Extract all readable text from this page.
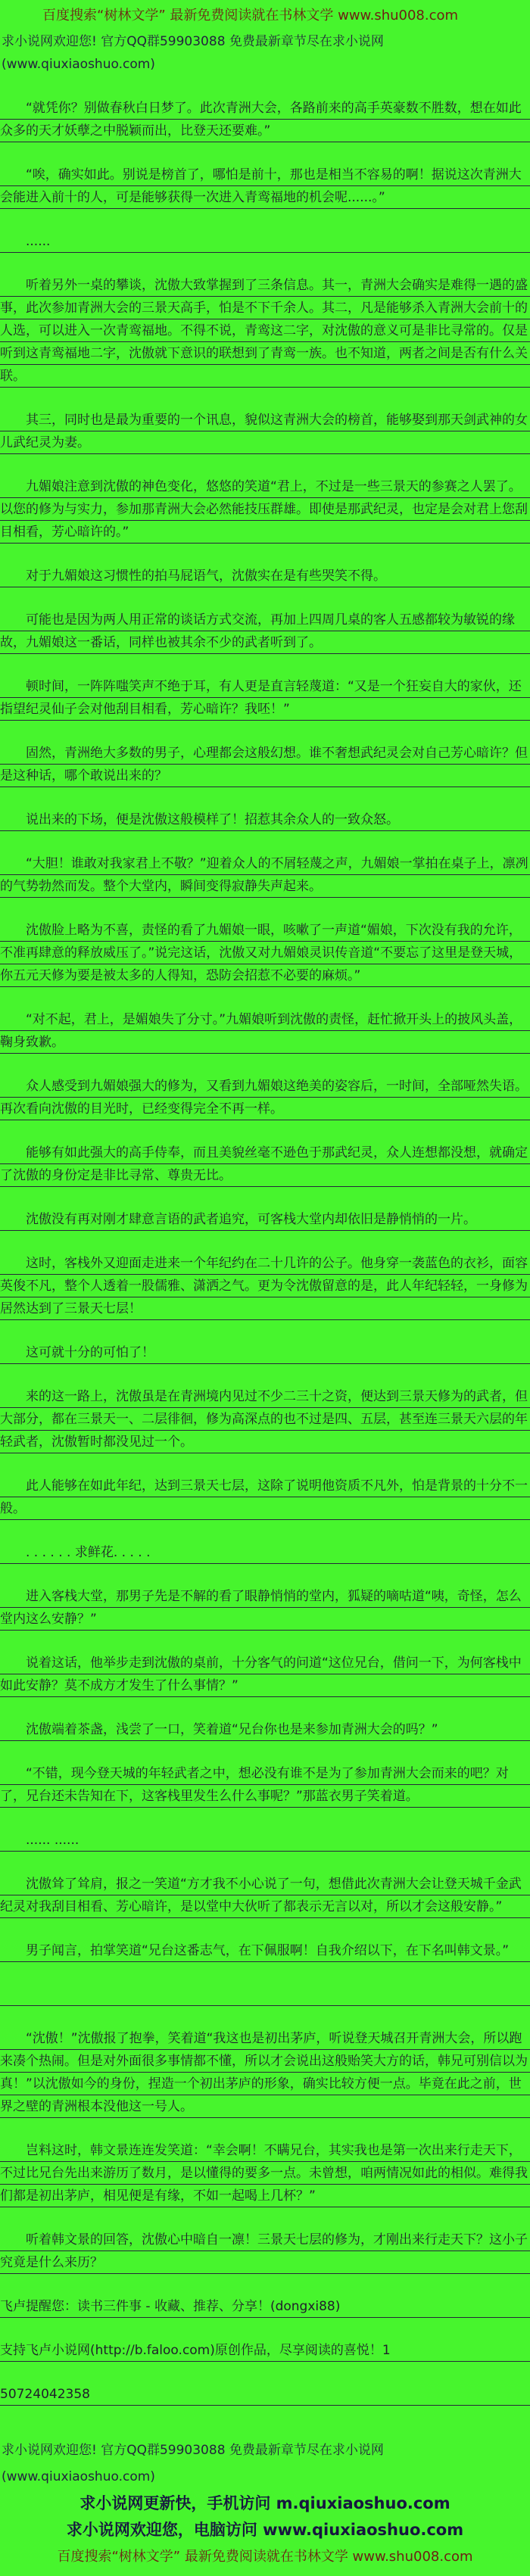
百度搜索“树林文学” 最新免费阅读就在书林文学 www.shu008.com
求小说网欢迎您! 官方QQ群59903088 免费最新章节尽在求小说网(www.qiuxiaoshuo.com)
“就凭你？别做春秋白日梦了。此次青洲大会，各路前来的高手英豪数不胜数，想在如此众多的天才妖孽之中脱颖而出，比登天还要难。”
“唉，确实如此。别说是榜首了，哪怕是前十，那也是相当不容易的啊！据说这次青洲大会能进入前十的人，可是能够获得一次进入青鸾福地的机会呢......。”
......
听着另外一桌的攀谈，沈傲大致掌握到了三条信息。其一，青洲大会确实是难得一遇的盛事，此次参加青洲大会的三景天高手，怕是不下千余人。其二，凡是能够杀入青洲大会前十的人选，可以进入一次青鸾福地。不得不说，青鸾这二字，对沈傲的意义可是非比寻常的。仅是听到这青鸾福地二字，沈傲就下意识的联想到了青鸾一族。也不知道，两者之间是否有什么关联。
其三，同时也是最为重要的一个讯息，貌似这青洲大会的榜首，能够娶到那天剑武神的女儿武纪灵为妻。
九媚娘注意到沈傲的神色变化，悠悠的笑道“君上，不过是一些三景天的参赛之人罢了。以您的修为与实力，参加那青洲大会必然能技压群雄。即使是那武纪灵，也定是会对君上您刮目相看，芳心暗许的。”
对于九媚娘这习惯性的拍马屁语气，沈傲实在是有些哭笑不得。
可能也是因为两人用正常的谈话方式交流，再加上四周几桌的客人五感都较为敏锐的缘故，九媚娘这一番话，同样也被其余不少的武者听到了。
顿时间，一阵阵嗤笑声不绝于耳，有人更是直言轻蔑道：“又是一个狂妄自大的家伙，还指望纪灵仙子会对他刮目相看，芳心暗许？我呸！”
固然，青洲绝大多数的男子，心理都会这般幻想。谁不奢想武纪灵会对自己芳心暗许？但是这种话，哪个敢说出来的？
说出来的下场，便是沈傲这般模样了！招惹其余众人的一致众怒。
“大胆！谁敢对我家君上不敬？”迎着众人的不屑轻蔑之声，九媚娘一掌拍在桌子上，凛冽的气势勃然而发。整个大堂内，瞬间变得寂静失声起来。
沈傲脸上略为不喜，责怪的看了九媚娘一眼，咳嗽了一声道“媚娘，下次没有我的允许，不准再肆意的释放威压了。”说完这话，沈傲又对九媚娘灵识传音道“不要忘了这里是登天城，你五元天修为要是被太多的人得知，恐防会招惹不必要的麻烦。”
“对不起，君上，是媚娘失了分寸。”九媚娘听到沈傲的责怪，赶忙掀开头上的披风头盖，鞠身致歉。
众人感受到九媚娘强大的修为，又看到九媚娘这绝美的姿容后，一时间，全部哑然失语。再次看向沈傲的目光时，已经变得完全不再一样。
能够有如此强大的高手侍奉，而且美貌丝毫不逊色于那武纪灵，众人连想都没想，就确定了沈傲的身份定是非比寻常、尊贵无比。
沈傲没有再对刚才肆意言语的武者追究，可客栈大堂内却依旧是静悄悄的一片。
这时，客栈外又迎面走进来一个年纪约在二十几许的公子。他身穿一袭蓝色的衣衫，面容英俊不凡，整个人透着一股儒雅、潇洒之气。更为令沈傲留意的是，此人年纪轻轻，一身修为居然达到了三景天七层！
这可就十分的可怕了！
来的这一路上，沈傲虽是在青洲境内见过不少二三十之资，便达到三景天修为的武者，但大部分，都在三景天一、二层徘徊，修为高深点的也不过是四、五层，甚至连三景天六层的年轻武者，沈傲暂时都没见过一个。
此人能够在如此年纪，达到三景天七层，这除了说明他资质不凡外，怕是背景的十分不一般。
. . . . . . 求鲜花. . . . .
进入客栈大堂，那男子先是不解的看了眼静悄悄的堂内，狐疑的嘀咕道“咦，奇怪，怎么堂内这么安静？”
说着这话，他举步走到沈傲的桌前，十分客气的问道“这位兄台，借问一下，为何客栈中如此安静？莫不成方才发生了什么事情？”
沈傲端着茶盏，浅尝了一口，笑着道“兄台你也是来参加青洲大会的吗？”
“不错，现今登天城的年轻武者之中，想必没有谁不是为了参加青洲大会而来的吧？对了，兄台还未告知在下，这客栈里发生么什么事呢？”那蓝衣男子笑着道。
...... ......
沈傲耸了耸肩，报之一笑道“方才我不小心说了一句，想借此次青洲大会让登天城千金武纪灵对我刮目相看、芳心暗许，是以堂中大伙听了都表示无言以对，所以才会这般安静。”
男子闻言，拍掌笑道“兄台这番志气，在下佩服啊！自我介绍以下，在下名叫韩文景。”
“沈傲！”沈傲报了抱拳，笑着道“我这也是初出茅庐，听说登天城召开青洲大会，所以跑来凑个热闹。但是对外面很多事情都不懂，所以才会说出这般贻笑大方的话，韩兄可别信以为真！”以沈傲如今的身份，捏造一个初出茅庐的形象，确实比较方便一点。毕竟在此之前，世界之壁的青洲根本没他这一号人。
岂料这时，韩文景连连发笑道：“幸会啊！不瞒兄台，其实我也是第一次出来行走天下，不过比兄台先出来游历了数月，是以懂得的要多一点。未曾想，咱两情况如此的相似。难得我们都是初出茅庐，相见便是有缘，不如一起喝上几杯？”
听着韩文景的回答，沈傲心中暗自一凛！三景天七层的修为，才刚出来行走天下？这小子究竟是什么来历？
飞卢提醒您：读书三件事 - 收藏、推荐、分享！(dongxi88)
支持飞卢小说网(http://b.faloo.com)原创作品，尽享阅读的喜悦！1
50724042358
求小说网欢迎您! 官方QQ群59903088 免费最新章节尽在求小说网(www.qiuxiaoshuo.com)
求小说网更新快，手机访问 m.qiuxiaoshuo.com
求小说网欢迎您，电脑访问 www.qiuxiaoshuo.com
百度搜索“树林文学” 最新免费阅读就在书林文学 www.shu008.com
